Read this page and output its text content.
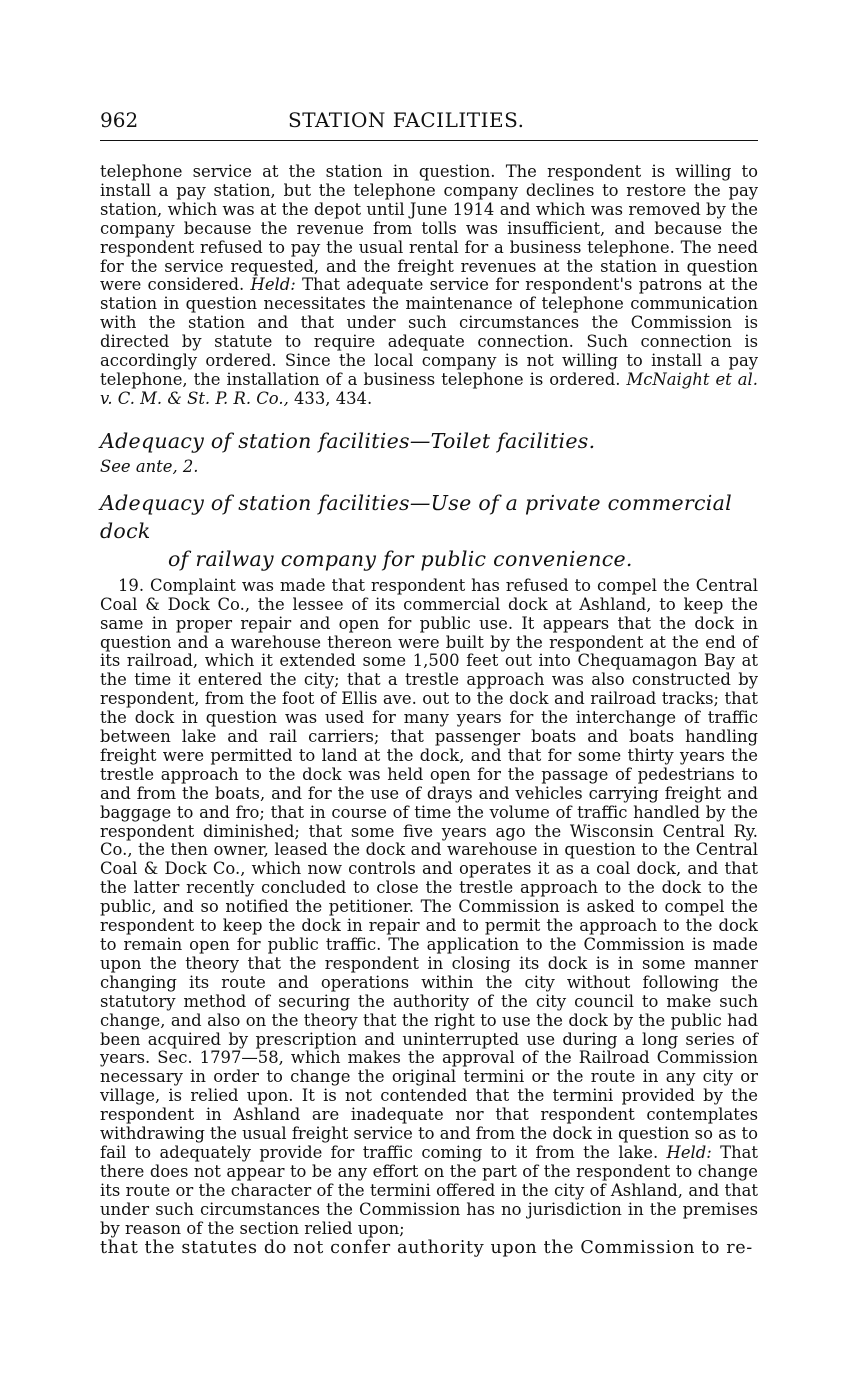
962	STATION FACILITIES.

telephone service at the station in question. The respondent is willing to install a pay station, but the telephone company declines to restore the pay station, which was at the depot until June 1914 and which was removed by the company because the revenue from tolls was insufficient, and because the respondent refused to pay the usual rental for a business telephone. The need for the service requested, and the freight revenues at the station in question were considered. Held: That adequate service for respondent's patrons at the station in question necessitates the maintenance of telephone communication with the station and that under such circumstances the Commission is directed by statute to require adequate connection. Such connection is accordingly ordered. Since the local company is not willing to install a pay telephone, the installation of a business telephone is ordered. McNaight et al. v. C. M. & St. P. R. Co., 433, 434.

Adequacy of station facilities—Toilet facilities.

See ante, 2.

Adequacy of station facilities—Use of a private commercial dock
of railway company for public convenience.

19. Complaint was made that respondent has refused to compel the Central Coal & Dock Co., the lessee of its commercial dock at Ashland, to keep the same in proper repair and open for public use. It appears that the dock in question and a warehouse thereon were built by the respondent at the end of its railroad, which it extended some 1,500 feet out into Chequamagon Bay at the time it entered the city; that a trestle approach was also constructed by respondent, from the foot of Ellis ave. out to the dock and railroad tracks; that the dock in question was used for many years for the interchange of traffic between lake and rail carriers; that passenger boats and boats handling freight were permitted to land at the dock, and that for some thirty years the trestle approach to the dock was held open for the passage of pedestrians to and from the boats, and for the use of drays and vehicles carrying freight and baggage to and fro; that in course of time the volume of traffic handled by the respondent diminished; that some five years ago the Wisconsin Central Ry. Co., the then owner, leased the dock and warehouse in question to the Central Coal & Dock Co., which now controls and operates it as a coal dock, and that the latter recently concluded to close the trestle approach to the dock to the public, and so notified the petitioner. The Commission is asked to compel the respondent to keep the dock in repair and to permit the approach to the dock to remain open for public traffic. The application to the Commission is made upon the theory that the respondent in closing its dock is in some manner changing its route and operations within the city without following the statutory method of securing the authority of the city council to make such change, and also on the theory that the right to use the dock by the public had been acquired by prescription and uninterrupted use during a long series of years. Sec. 1797—58, which makes the approval of the Railroad Commission necessary in order to change the original termini or the route in any city or village, is relied upon. It is not contended that the termini provided by the respondent in Ashland are inadequate nor that respondent contemplates withdrawing the usual freight service to and from the dock in question so as to fail to adequately provide for traffic coming to it from the lake. Held: That there does not appear to be any effort on the part of the respondent to change its route or the character of the termini offered in the city of Ashland, and that under such circumstances the Commission has no jurisdiction in the premises by reason of the section relied upon;
that the statutes do not confer authority upon the Commission to re-
